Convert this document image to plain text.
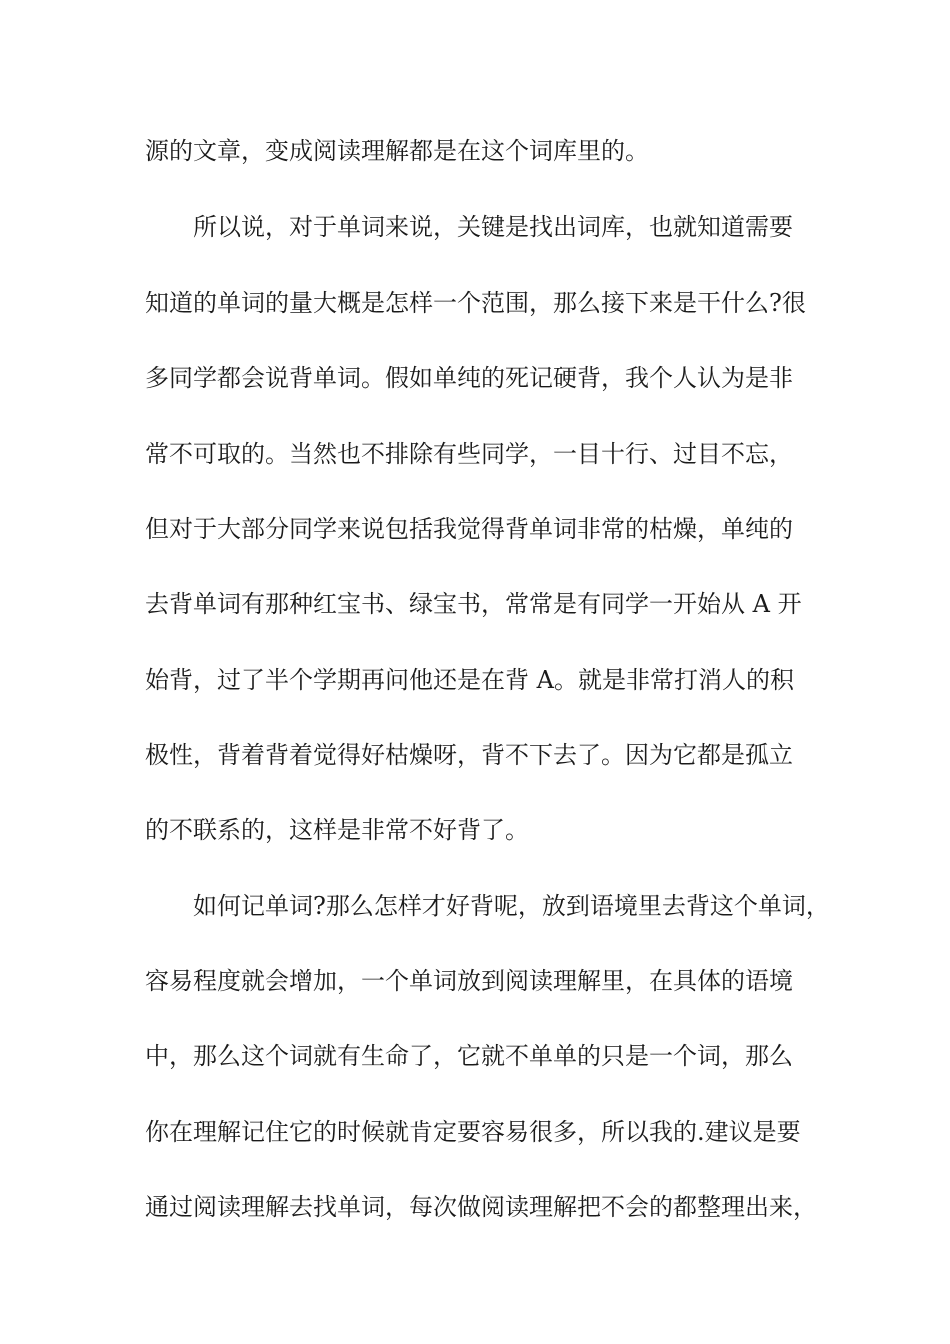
源的文章，变成阅读理解都是在这个词库里的。
所以说，对于单词来说，关键是找出词库，也就知道需要
知道的单词的量大概是怎样一个范围，那么接下来是干什么?很
多同学都会说背单词。假如单纯的死记硬背，我个人认为是非
常不可取的。当然也不排除有些同学，一目十行、过目不忘，
但对于大部分同学来说包括我觉得背单词非常的枯燥，单纯的
去背单词有那种红宝书、绿宝书，常常是有同学一开始从 A 开
始背，过了半个学期再问他还是在背 A。就是非常打消人的积
极性，背着背着觉得好枯燥呀，背不下去了。因为它都是孤立
的不联系的，这样是非常不好背了。
如何记单词?那么怎样才好背呢，放到语境里去背这个单词，
容易程度就会增加，一个单词放到阅读理解里，在具体的语境
中，那么这个词就有生命了，它就不单单的只是一个词，那么
你在理解记住它的时候就肯定要容易很多，所以我的.建议是要
通过阅读理解去找单词，每次做阅读理解把不会的都整理出来，
